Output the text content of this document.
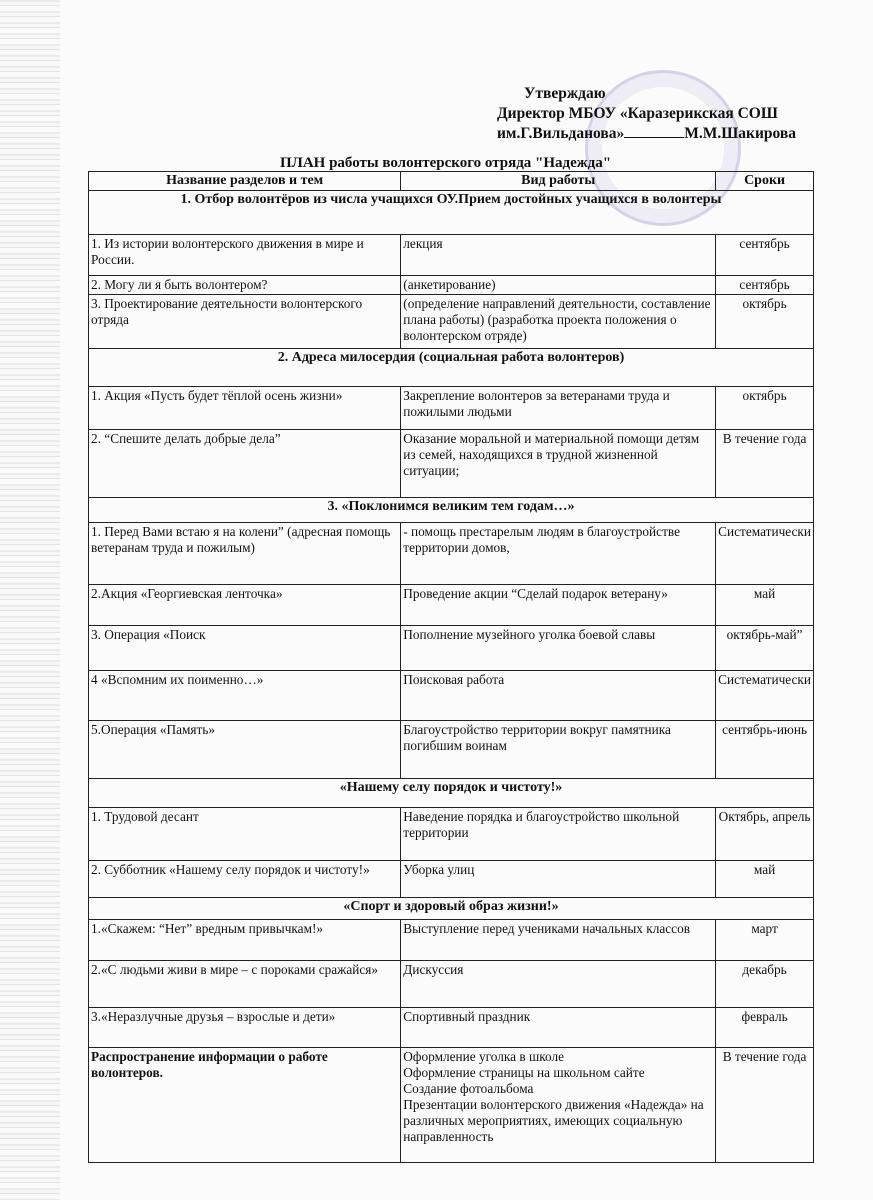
Утверждаю
Директор МБОУ «Каразерикская СОШ
им.Г.Вильданова»	М.М.Шакирова
ПЛАН работы волонтерского отряда "Надежда"
Название разделов и тем	Вид работы	Сроки
1. Отбор волонтёров из числа учащихся ОУ.Прием достойных учащихся в волонтеры		
1. Из истории волонтерского движения в мире и России.	лекция	сентябрь
2. Могу ли я быть волонтером?	(анкетирование)	сентябрь
3. Проектирование деятельности волонтерского отряда	(определение направлений деятельности, составление плана работы) (разработка проекта положения о волонтерском отряде)	октябрь
2. Адреса милосердия (социальная работа волонтеров)		
1. Акция «Пусть будет тёплой осень жизни»	Закрепление волонтеров за ветеранами труда и пожилыми людьми	октябрь
2. “Спешите делать добрые дела”	Оказание моральной и материальной помощи детям из семей, находящихся в трудной жизненной ситуации;	В течение года
3. «Поклонимся великим тем годам…»		
1. Перед Вами встаю я на колени” (адресная помощь ветеранам труда и пожилым)	- помощь престарелым людям в благоустройстве территории домов,	Систематически
2.Акция «Георгиевская ленточка»	Проведение акции “Сделай подарок ветерану»	май
3. Операция «Поиск	Пополнение музейного уголка боевой славы	октябрь-май”
4 «Вспомним их поименно…»	Поисковая работа	Систематически
5.Операция «Память»	Благоустройство территории вокруг памятника погибшим воинам	сентябрь-июнь
«Нашему селу порядок и чистоту!»		
1. Трудовой десант	Наведение порядка и благоустройство школьной территории	Октябрь, апрель
2. Субботник «Нашему селу порядок и чистоту!»	Уборка улиц	май
«Спорт и здоровый образ жизни!»		
1.«Скажем: “Нет” вредным привычкам!»	Выступление перед учениками начальных классов	март
2.«С людьми живи в мире – с пороками сражайся»	Дискуссия	декабрь
3.«Неразлучные друзья – взрослые и дети»	Спортивный праздник	февраль
Распространение информации о работе волонтеров.	Оформление уголка в школе
Оформление страницы на школьном сайте
Создание фотоальбома
Презентации волонтерского движения «Надежда» на различных мероприятиях, имеющих социальную направленность	В течение года
